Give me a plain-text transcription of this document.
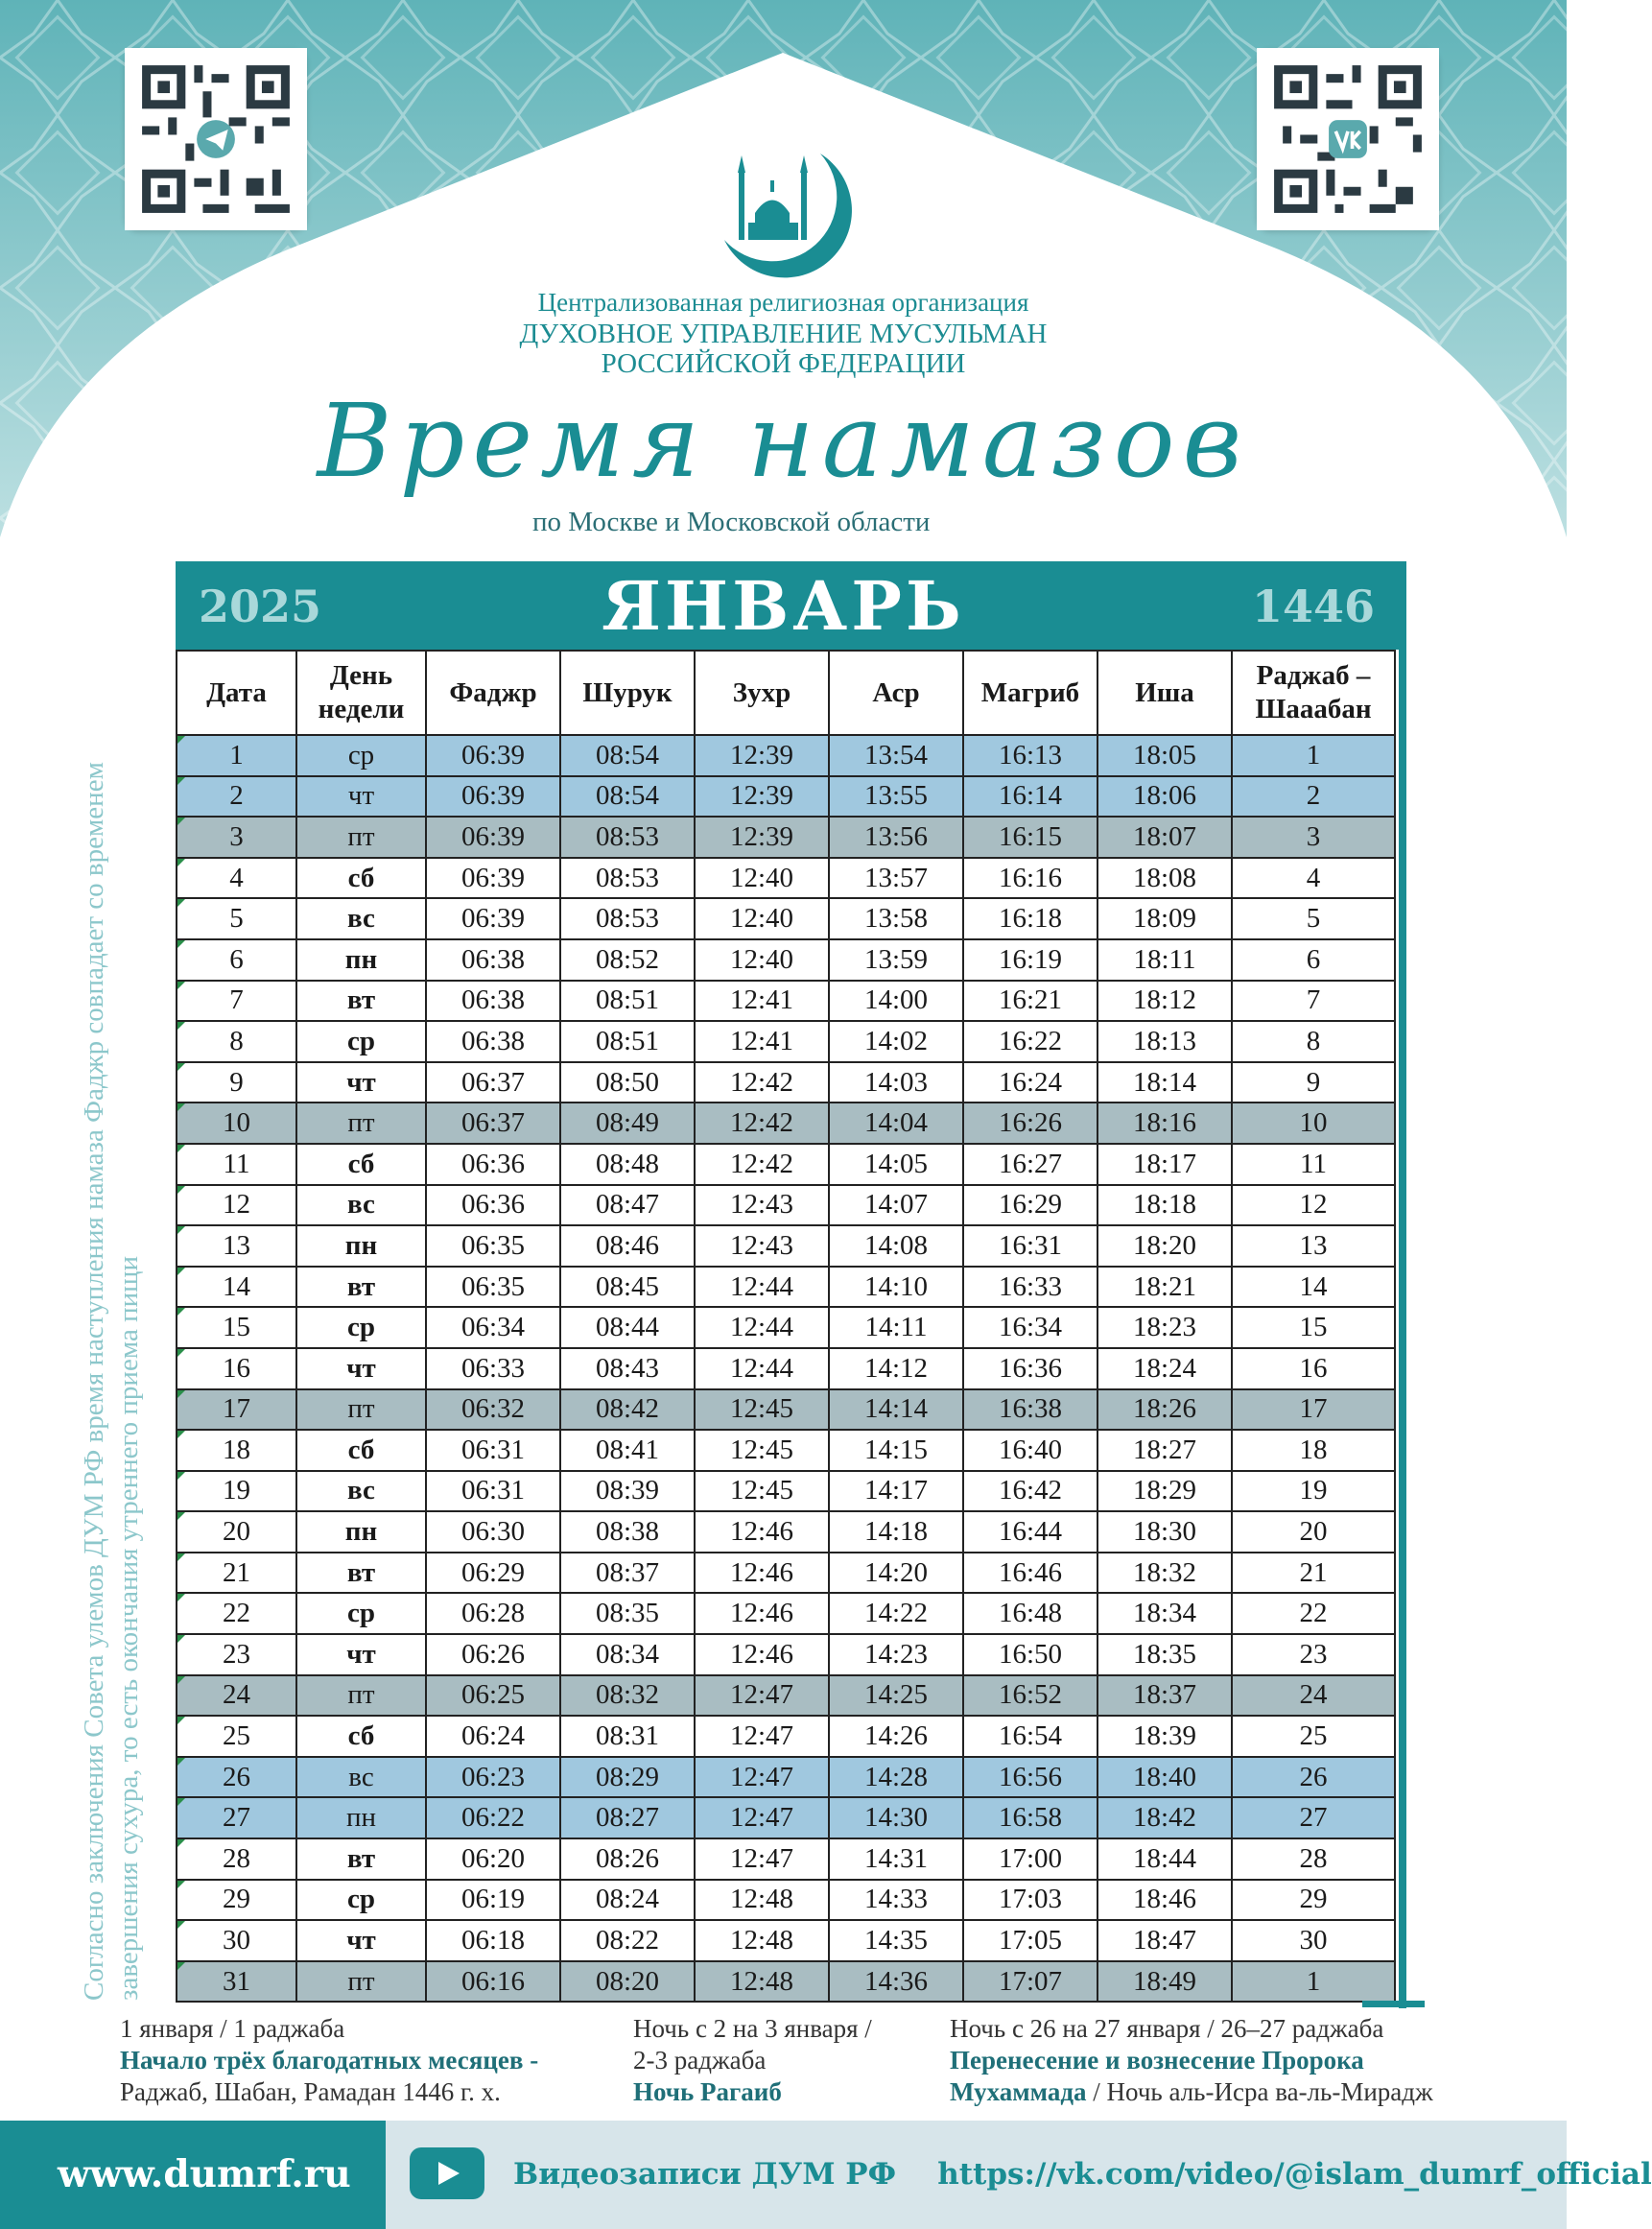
Централизованная религиозная организация
ДУХОВНОЕ УПРАВЛЕНИЕ МУСУЛЬМАН
РОССИЙСКОЙ ФЕДЕРАЦИИ
Время намазов
по Москве и Московской области
2025	ЯНВАРЬ	1446
Дата	День недели	Фаджр	Шурук	Зухр	Аср	Магриб	Иша	Раджаб – Шааабан
1	ср	06:39	08:54	12:39	13:54	16:13	18:05	1
2	чт	06:39	08:54	12:39	13:55	16:14	18:06	2
3	пт	06:39	08:53	12:39	13:56	16:15	18:07	3
4	сб	06:39	08:53	12:40	13:57	16:16	18:08	4
5	вс	06:39	08:53	12:40	13:58	16:18	18:09	5
6	пн	06:38	08:52	12:40	13:59	16:19	18:11	6
7	вт	06:38	08:51	12:41	14:00	16:21	18:12	7
8	ср	06:38	08:51	12:41	14:02	16:22	18:13	8
9	чт	06:37	08:50	12:42	14:03	16:24	18:14	9
10	пт	06:37	08:49	12:42	14:04	16:26	18:16	10
11	сб	06:36	08:48	12:42	14:05	16:27	18:17	11
12	вс	06:36	08:47	12:43	14:07	16:29	18:18	12
13	пн	06:35	08:46	12:43	14:08	16:31	18:20	13
14	вт	06:35	08:45	12:44	14:10	16:33	18:21	14
15	ср	06:34	08:44	12:44	14:11	16:34	18:23	15
16	чт	06:33	08:43	12:44	14:12	16:36	18:24	16
17	пт	06:32	08:42	12:45	14:14	16:38	18:26	17
18	сб	06:31	08:41	12:45	14:15	16:40	18:27	18
19	вс	06:31	08:39	12:45	14:17	16:42	18:29	19
20	пн	06:30	08:38	12:46	14:18	16:44	18:30	20
21	вт	06:29	08:37	12:46	14:20	16:46	18:32	21
22	ср	06:28	08:35	12:46	14:22	16:48	18:34	22
23	чт	06:26	08:34	12:46	14:23	16:50	18:35	23
24	пт	06:25	08:32	12:47	14:25	16:52	18:37	24
25	сб	06:24	08:31	12:47	14:26	16:54	18:39	25
26	вс	06:23	08:29	12:47	14:28	16:56	18:40	26
27	пн	06:22	08:27	12:47	14:30	16:58	18:42	27
28	вт	06:20	08:26	12:47	14:31	17:00	18:44	28
29	ср	06:19	08:24	12:48	14:33	17:03	18:46	29
30	чт	06:18	08:22	12:48	14:35	17:05	18:47	30
31	пт	06:16	08:20	12:48	14:36	17:07	18:49	1
Согласно заключения Совета улемов ДУМ РФ время наступления намаза Фаджр совпадает со временем завершения сухура, то есть окончания утреннего приема пищи
1 января / 1 раджаба
Начало трёх благодатных месяцев -
Раджаб, Шабан, Рамадан 1446 г. х.
Ночь с 2 на 3 января /
2-3 раджаба
Ночь Рагаиб
Ночь с 26 на 27 января / 26–27 раджаба
Перенесение и вознесение Пророка
Мухаммада / Ночь аль-Исра ва-ль-Мирадж
www.dumrf.ru	Видеозаписи ДУМ РФ https://vk.com/video/@islam_dumrf_official
